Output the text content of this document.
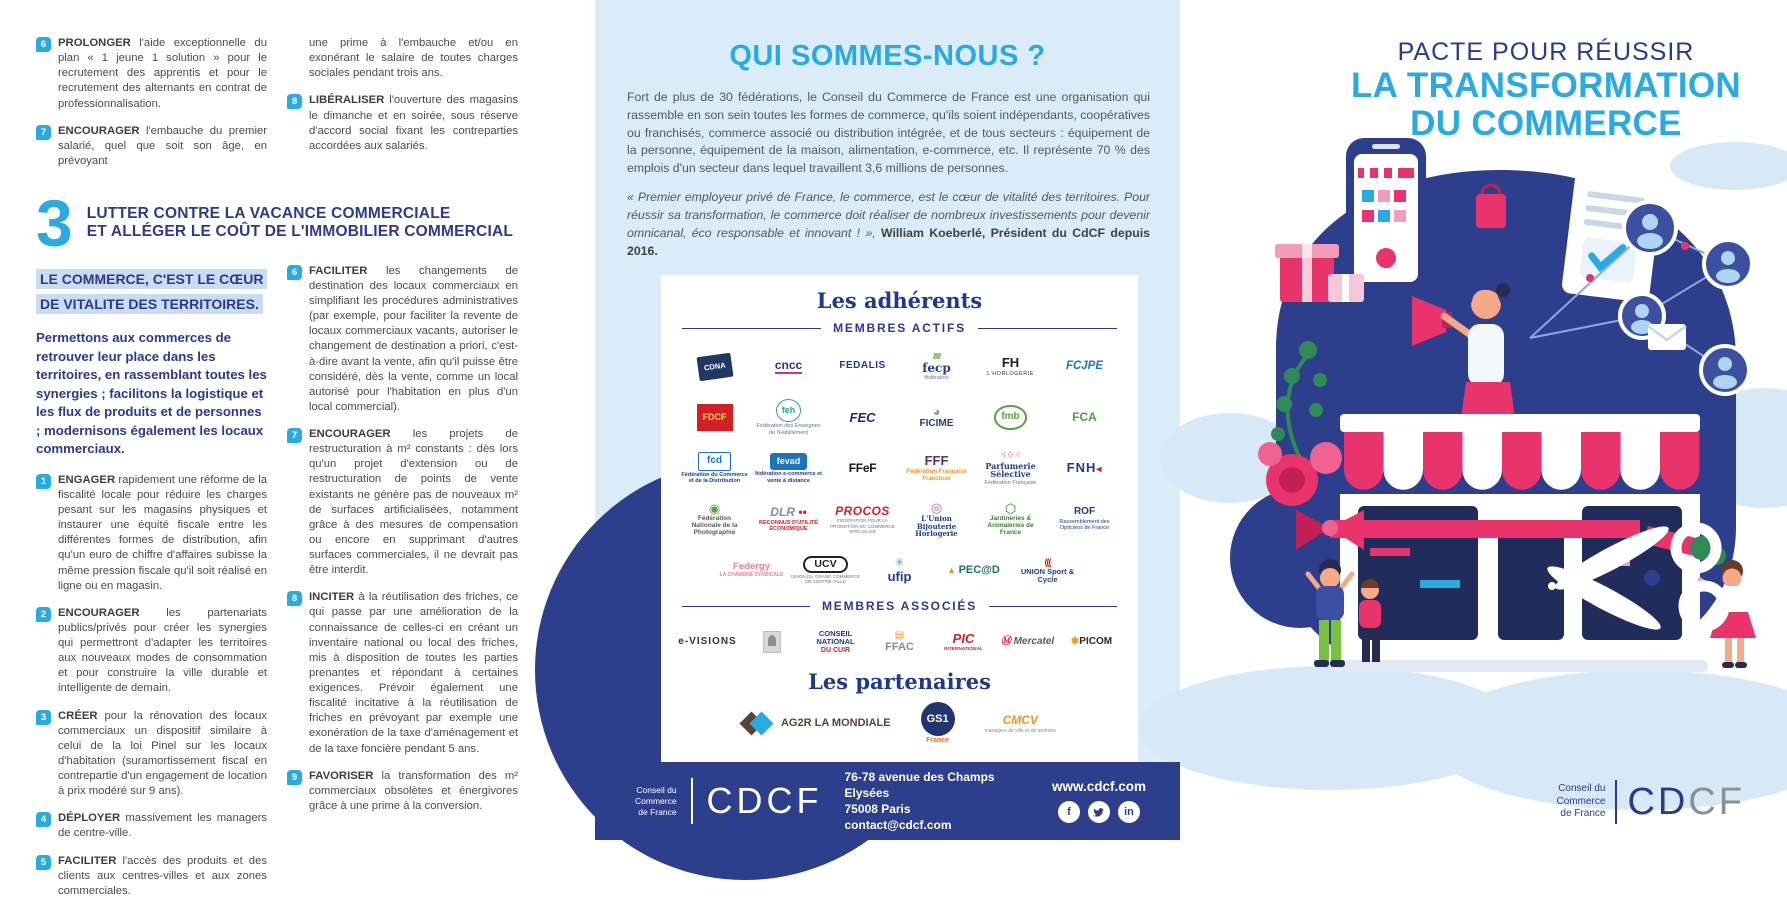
6	PROLONGER l'aide exceptionnelle du plan « 1 jeune 1 solution » pour le recrutement des apprentis et pour le recrutement des alternants en contrat de professionnalisation.

7	ENCOURAGER l'embauche du premier salarié, quel que soit son âge, en prévoyant

une prime à l'embauche et/ou en exonérant le salaire de toutes charges sociales pendant trois ans.

8	LIBÉRALISER l'ouverture des magasins le dimanche et en soirée, sous réserve d'accord social fixant les contreparties accordées aux salariés.

3 LUTTER CONTRE LA VACANCE COMMERCIALE
ET ALLÉGER LE COÛT DE L'IMMOBILIER COMMERCIAL
LE COMMERCE, C'EST LE CŒUR DE VITALITE DES TERRITOIRES.

Permettons aux commerces de retrouver leur place dans les territoires, en rassemblant toutes les synergies ; facilitons la logistique et les flux de produits et de personnes ; modernisons également les locaux commerciaux.

1	ENGAGER rapidement une réforme de la fiscalité locale pour réduire les charges pesant sur les magasins physiques et instaurer une équité fiscale entre les différentes formes de distribution, afin qu'un euro de chiffre d'affaires subisse la même pression fiscale qu'il soit réalisé en ligne ou en magasin.

2	ENCOURAGER les partenariats publics/privés pour créer les synergies qui permettront d'adapter les territoires aux nouveaux modes de consommation et pour construire la ville durable et intelligente de demain.

3	CRÉER pour la rénovation des locaux commerciaux un dispositif similaire à celui de la loi Pinel sur les locaux d'habitation (suramortissement fiscal en contrepartie d'un engagement de location à prix modéré sur 9 ans).

4	DÉPLOYER massivement les managers de centre-ville.

5	FACILITER l'accès des produits et des clients aux centres-villes et aux zones commerciales.

6	FACILITER les changements de destination des locaux commerciaux en simplifiant les procédures administratives (par exemple, pour faciliter la revente de locaux commerciaux vacants, autoriser le changement de destination a priori, c'est-à-dire avant la vente, afin qu'il puisse être considéré, dès la vente, comme un local autorisé pour l'habitation en plus d'un local commercial).

7	ENCOURAGER les projets de restructuration à m² constants : dès lors qu'un projet d'extension ou de restructuration de points de vente existants ne génère pas de nouveaux m² de surfaces artificialisées, notamment grâce à des mesures de compensation ou encore en supprimant d'autres surfaces commerciales, il ne devrait pas être interdit.

8	INCITER à la réutilisation des friches, ce qui passe par une amélioration de la connaissance de celles-ci en créant un inventaire national ou local des friches, mis à disposition de toutes les parties prenantes et répondant à certaines exigences. Prévoir également une fiscalité incitative à la réutilisation de friches en prévoyant par exemple une exonération de la taxe d'aménagement et de la taxe foncière pendant 5 ans.

9	FAVORISER la transformation des m² commerciaux obsolètes et énergivores grâce à une prime à la conversion.

QUI SOMMES-NOUS ?

Fort de plus de 30 fédérations, le Conseil du Commerce de France est une organisation qui rassemble en son sein toutes les formes de commerce, qu'ils soient indépendants, coopératives ou franchisés, commerce associé ou distribution intégrée, et de tous secteurs : équipement de la personne, équipement de la maison, alimentation, e-commerce, etc. Il représente 70 % des emplois d'un secteur dans lequel travaillent 3,6 millions de personnes.

« Premier employeur privé de France, le commerce, est le cœur de vitalité des territoires. Pour réussir sa transformation, le commerce doit réaliser de nombreux investissements pour devenir omnicanal, éco responsable et innovant ! », William Koeberlé, Président du CdCF depuis 2016.

Les adhérents
MEMBRES ACTIFS
CDNA	cncc	FEDALIS	////// fecp
fédération
FH
L'HORLOGERIE
FCJPE
FDCF
feh
Fédération des Enseignes de l'Habillement
FEC	◕ FICIME
fmb	FCA
fcd
Fédération du Commerce et de la Distribution
fevad
fédération e-commerce et vente à distance
FFeF	FFF
Fédération Française Franchise
⁖⁘⁖ Parfumerie Sélective
Fédération Française
FNH ◂
◉ Fédération Nationale de la Photographie
DLR ••
RECONNUS D'UTILITÉ ÉCONOMIQUE
PROCOS
FÉDÉRATION POUR LA PROMOTION DU COMMERCE SPÉCIALISÉ
◎ L'Union Bijouterie Horlogerie
⬡ Jardineries & Animaleries de France
ROF
Rassemblement des Opticiens de France
Federgy
LA CHAMBRE SYNDICALE
UCV
UNION DU GRAND COMMERCE DE CENTRE-VILLE	✳ ufip	▲ PEC@D	((( UNION Sport & Cycle
MEMBRES ASSOCIÉS
e-VISIONS
CONSEIL NATIONAL
DU CUIR	▤ FFAC
PIC
INTERNATIONAL
Ⓜ Mercatel	✱ PICOM
Les partenaires
AG2R LA MONDIALE	GS1
France
CMCV
managers de ville et de territoire
Conseil du
Commerce
de France CDCF
76-78 avenue des Champs Elysées
75008 Paris
contact@cdcf.com
www.cdcf.com
f	in
PACTE POUR RÉUSSIR
LA TRANSFORMATION
DU COMMERCE
Conseil du
Commerce
de France CDCF
